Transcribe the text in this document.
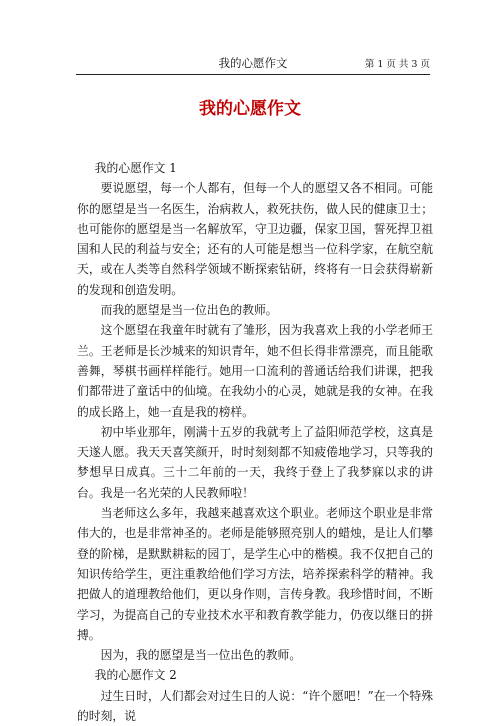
我的心愿作文	第 1 页 共 3 页
我的心愿作文

我的心愿作文 1

要说愿望，每一个人都有，但每一个人的愿望又各不相同。可能你的愿望是当一名医生，治病救人，救死扶伤，做人民的健康卫士；也可能你的愿望是当一名解放军，守卫边疆，保家卫国，誓死捍卫祖国和人民的利益与安全；还有的人可能是想当一位科学家，在航空航天，或在人类等自然科学领域不断探索钻研，终将有一日会获得崭新的发现和创造发明。

而我的愿望是当一位出色的教师。

这个愿望在我童年时就有了雏形，因为我喜欢上我的小学老师王兰。王老师是长沙城来的知识青年，她不但长得非常漂亮，而且能歌善舞，琴棋书画样样能行。她用一口流利的普通话给我们讲课，把我们都带进了童话中的仙境。在我幼小的心灵，她就是我的女神。在我的成长路上，她一直是我的榜样。

初中毕业那年，刚满十五岁的我就考上了益阳师范学校，这真是天遂人愿。我天天喜笑颜开，时时刻刻都不知疲倦地学习，只等我的梦想早日成真。三十二年前的一天，我终于登上了我梦寐以求的讲台。我是一名光荣的人民教师啦！

当老师这么多年，我越来越喜欢这个职业。老师这个职业是非常伟大的，也是非常神圣的。老师是能够照亮别人的蜡烛，是让人们攀登的阶梯，是默默耕耘的园丁，是学生心中的楷模。我不仅把自己的知识传给学生，更注重教给他们学习方法，培养探索科学的精神。我把做人的道理教给他们，更以身作则，言传身教。我珍惜时间，不断学习，为提高自己的专业技术水平和教育教学能力，仍夜以继日的拼搏。

因为，我的愿望是当一位出色的教师。

我的心愿作文 2

过生日时，人们都会对过生日的人说：“许个愿吧！”在一个特殊的时刻，说
